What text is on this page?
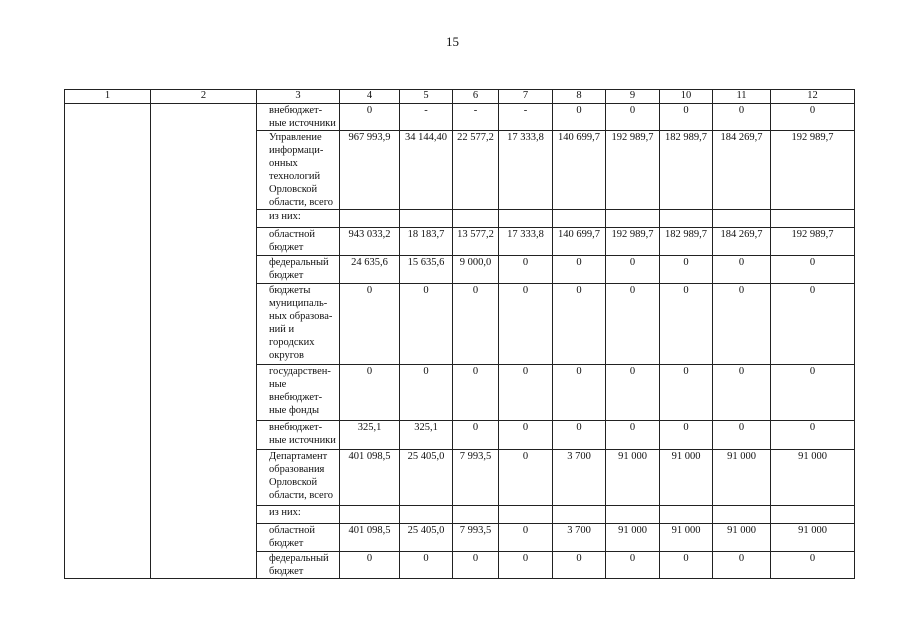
15
1	2	3	4	5	6	7	8	9	10	11	12
		внебюджет-ные источники	0	-	-	-	0	0	0	0	0
		Управление информаци-онных технологий Орловской области, всего	967 993,9	34 144,40	22 577,2	17 333,8	140 699,7	192 989,7	182 989,7	184 269,7	192 989,7
		из них:									
		областной бюджет	943 033,2	18 183,7	13 577,2	17 333,8	140 699,7	192 989,7	182 989,7	184 269,7	192 989,7
		федеральный бюджет	24 635,6	15 635,6	9 000,0	0	0	0	0	0	0
		бюджеты муниципаль-ных образова-ний и городских округов	0	0	0	0	0	0	0	0	0
		государствен-ные внебюджет-ные фонды	0	0	0	0	0	0	0	0	0
		внебюджет-ные источники	325,1	325,1	0	0	0	0	0	0	0
		Департамент образования Орловской области, всего	401 098,5	25 405,0	7 993,5	0	3 700	91 000	91 000	91 000	91 000
		из них:									
		областной бюджет	401 098,5	25 405,0	7 993,5	0	3 700	91 000	91 000	91 000	91 000
		федеральный бюджет	0	0	0	0	0	0	0	0	0
